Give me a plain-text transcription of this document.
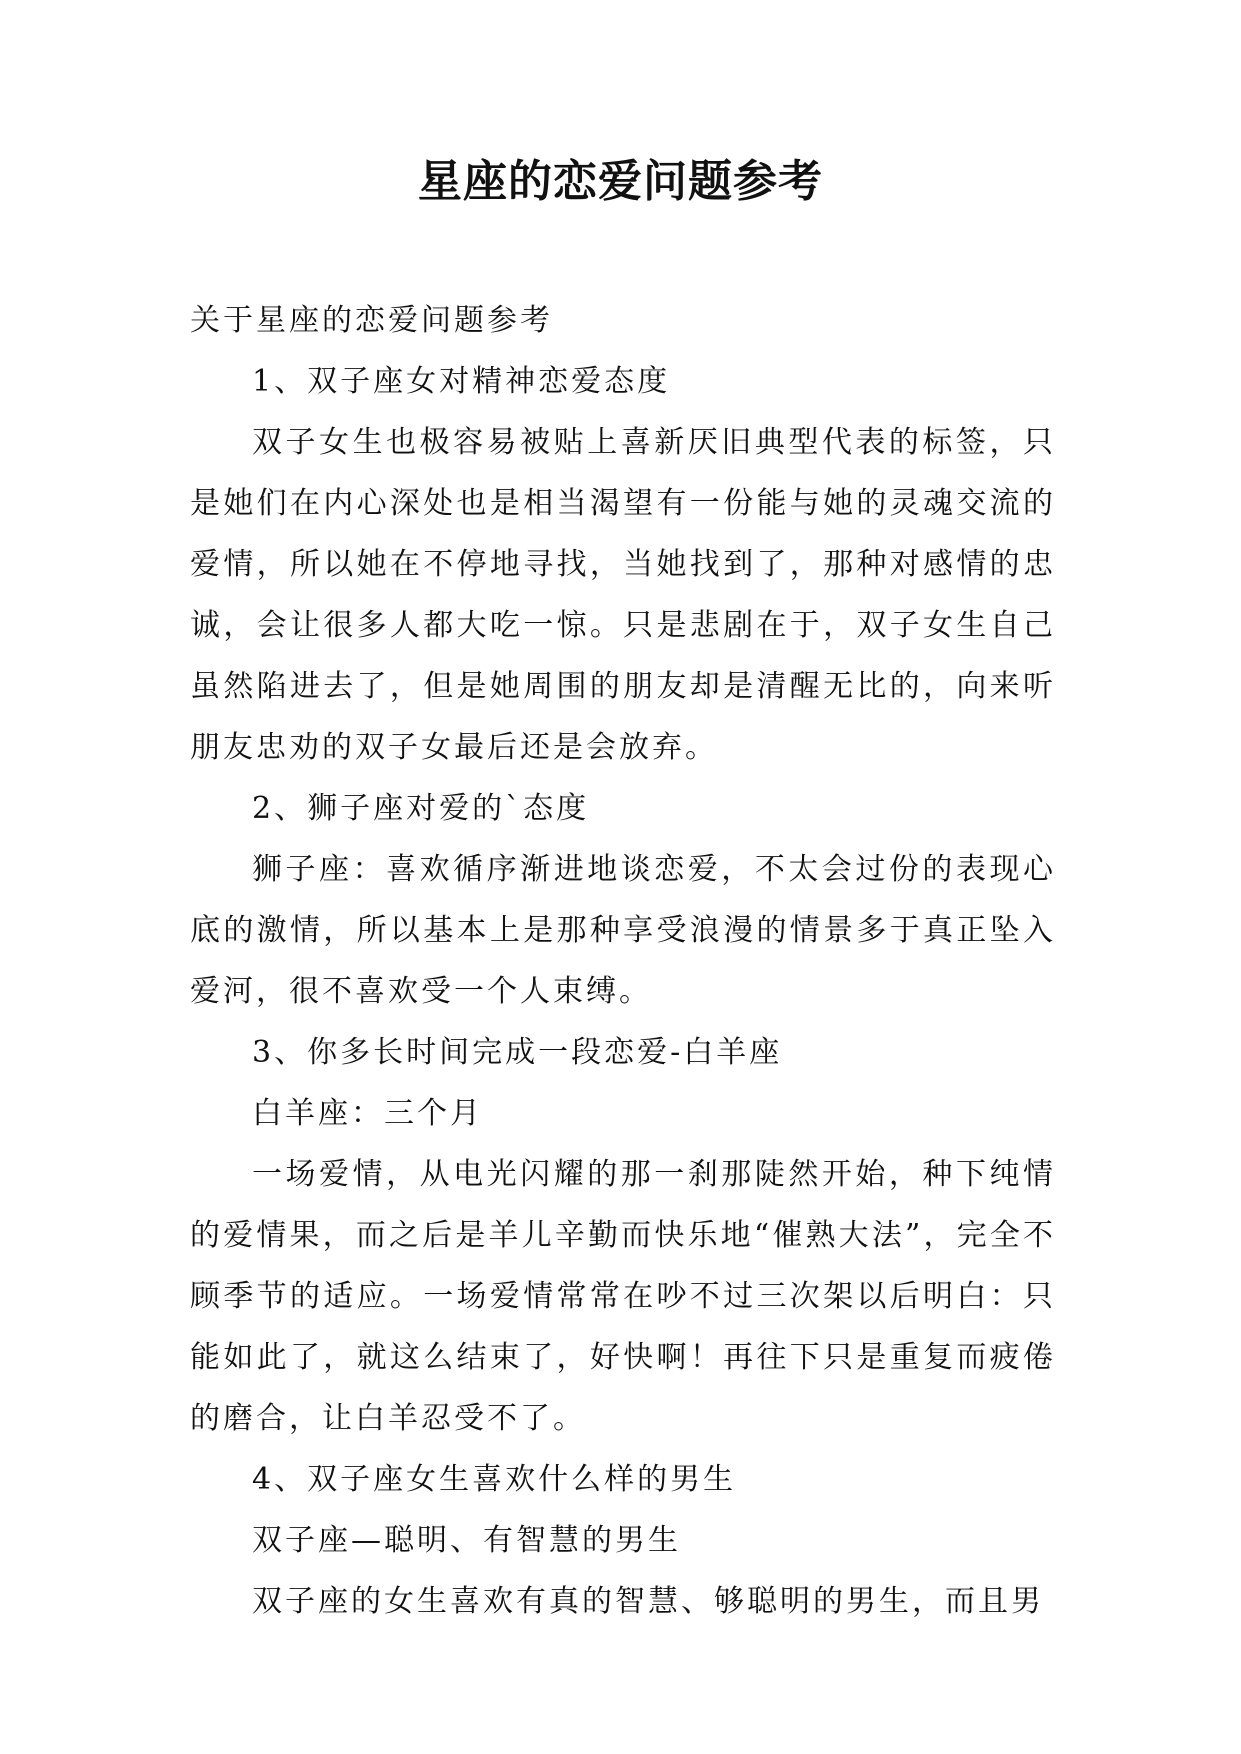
星座的恋爱问题参考

关于星座的恋爱问题参考

1、双子座女对精神恋爱态度

双子女生也极容易被贴上喜新厌旧典型代表的标签，只是她们在内心深处也是相当渴望有一份能与她的灵魂交流的爱情，所以她在不停地寻找，当她找到了，那种对感情的忠诚，会让很多人都大吃一惊。只是悲剧在于，双子女生自己虽然陷进去了，但是她周围的朋友却是清醒无比的，向来听朋友忠劝的双子女最后还是会放弃。

2、狮子座对爱的`态度

狮子座：喜欢循序渐进地谈恋爱，不太会过份的表现心底的激情，所以基本上是那种享受浪漫的情景多于真正坠入爱河，很不喜欢受一个人束缚。

3、你多长时间完成一段恋爱-白羊座

白羊座：三个月

一场爱情，从电光闪耀的那一刹那陡然开始，种下纯情的爱情果，而之后是羊儿辛勤而快乐地“催熟大法”，完全不顾季节的适应。一场爱情常常在吵不过三次架以后明白：只能如此了，就这么结束了，好快啊！再往下只是重复而疲倦的磨合，让白羊忍受不了。

4、双子座女生喜欢什么样的男生

双子座—聪明、有智慧的男生

双子座的女生喜欢有真的智慧、够聪明的男生，而且男
